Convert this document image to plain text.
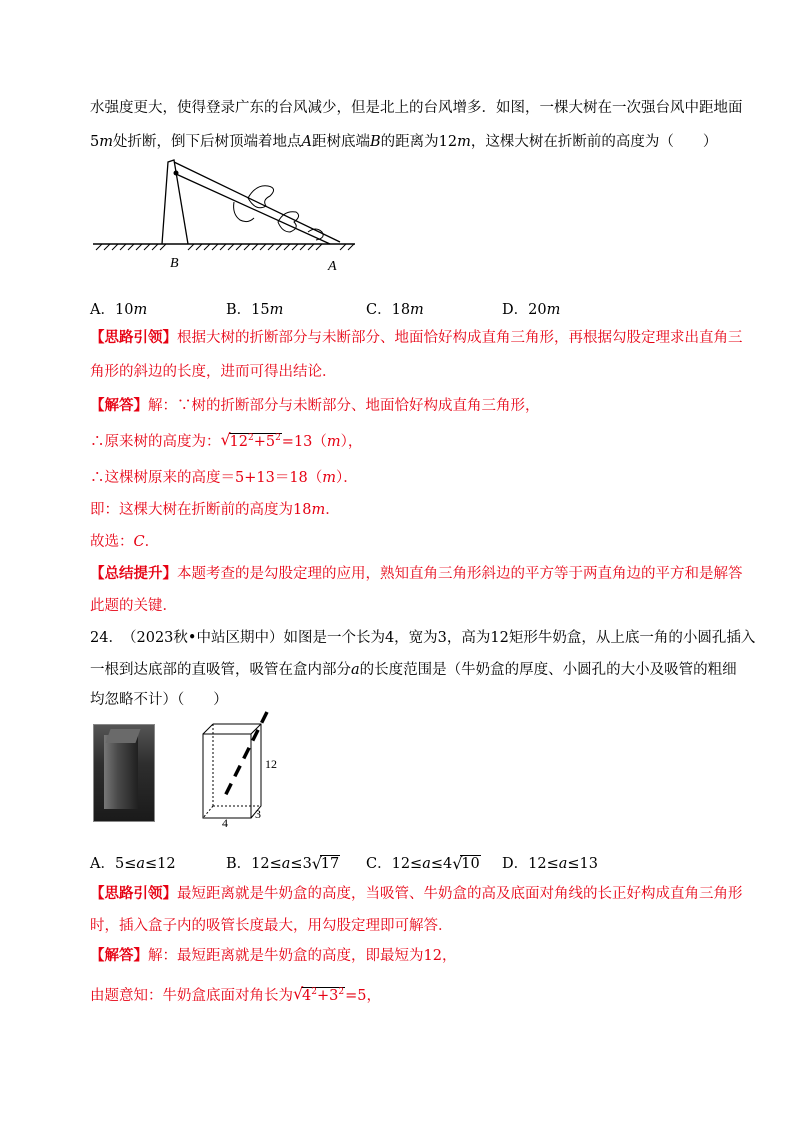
水强度更大，使得登录广东的台风减少，但是北上的台风增多．如图，一棵大树在一次强台风中距地面
5m处折断，倒下后树顶端着地点A距树底端B的距离为12m，这棵大树在折断前的高度为（　　）
B	A
A．10m	B．15m	C．18m	D．20m
【思路引领】根据大树的折断部分与未断部分、地面恰好构成直角三角形，再根据勾股定理求出直角三
角形的斜边的长度，进而可得出结论．
【解答】解：∵树的折断部分与未断部分、地面恰好构成直角三角形，
∴原来树的高度为： √
$12^2+5^2=13(m)$，
∴这棵树原来的高度＝5+13＝18（m）．
即：这棵大树在折断前的高度为18m．
故选：C．
【总结提升】本题考查的是勾股定理的应用，熟知直角三角形斜边的平方等于两直角边的平方和是解答
此题的关键．
24．（2023秋•中站区期中）如图是一个长为4，宽为3，高为12矩形牛奶盒，从上底一角的小圆孔插入
一根到达底部的直吸管，吸管在盒内部分a的长度范围是（牛奶盒的厚度、小圆孔的大小及吸管的粗细
均忽略不计）（　　）
12
4
3
A．5≤a≤12	B．12≤a≤3 √
17 C．12≤a≤4 √
10 D．12≤a≤13
【思路引领】最短距离就是牛奶盒的高度，当吸管、牛奶盒的高及底面对角线的长正好构成直角三角形
时，插入盒子内的吸管长度最大，用勾股定理即可解答．
【解答】解：最短距离就是牛奶盒的高度，即最短为12，
由题意知：牛奶盒底面对角长为 √
$4^2+3^2=5$，
